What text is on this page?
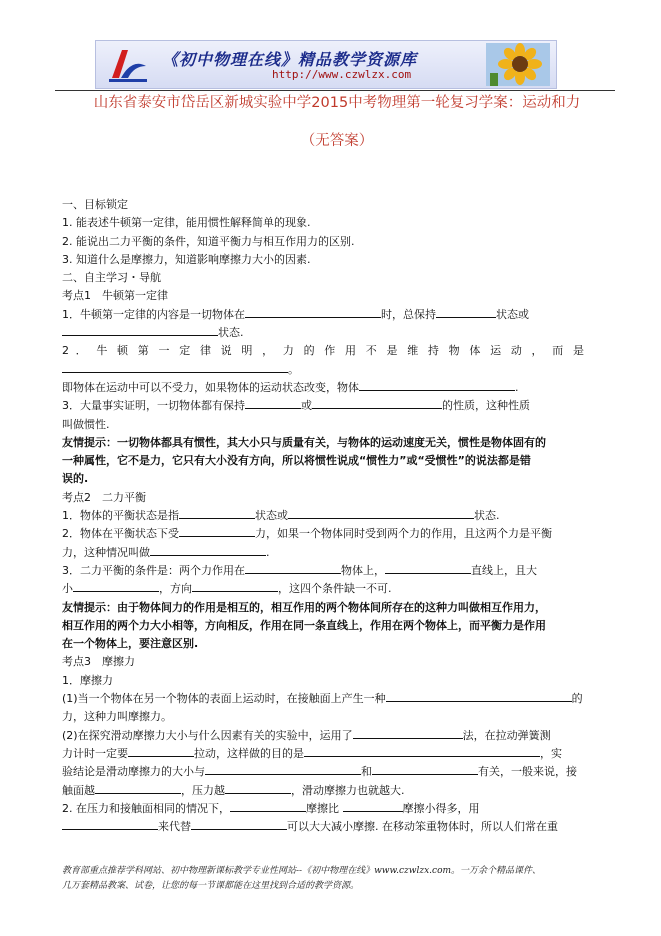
《初中物理在线》精品教学资源库
http://www.czwlzx.com
山东省泰安市岱岳区新城实验中学2015中考物理第一轮复习学案：运动和力
（无答案）
一、目标锁定
1. 能表述牛顿第一定律，能用惯性解释简单的现象.
2. 能说出二力平衡的条件，知道平衡力与相互作用力的区别.
3. 知道什么是摩擦力，知道影响摩擦力大小的因素.
二、自主学习・导航
考点1　牛顿第一定律
1．牛顿第一定律的内容是一切物体在	时，总保持	状态或
状态.
2 ． 牛 顿 第 一 定 律 说 明 ， 力 的 作 用 不 是 维 持 物 体 运 动 ， 而 是
。
即物体在运动中可以不受力，如果物体的运动状态改变，物体	.
3．大量事实证明，一切物体都有保持	或	的性质，这种性质
叫做惯性.
友情提示：一切物体都具有惯性，其大小只与质量有关，与物体的运动速度无关，惯性是物体固有的
一种属性，它不是力，它只有大小没有方向，所以将惯性说成“惯性力”或“受惯性”的说法都是错
误的.
考点2　二力平衡
1．物体的平衡状态是指	状态或	状态.
2．物体在平衡状态下受	力，如果一个物体同时受到两个力的作用，且这两个力是平衡
力，这种情况叫做	.
3．二力平衡的条件是：两个力作用在	物体上，	直线上，且大
小	，方向	，这四个条件缺一不可.
友情提示：由于物体间力的作用是相互的，相互作用的两个物体间所存在的这种力叫做相互作用力，
相互作用的两个力大小相等，方向相反，作用在同一条直线上，作用在两个物体上，而平衡力是作用
在一个物体上，要注意区别.
考点3　摩擦力
1．摩擦力
(1)当一个物体在另一个物体的表面上运动时，在接触面上产生一种	的
力，这种力叫摩擦力。
(2)在探究滑动摩擦力大小与什么因素有关的实验中，运用了	法，在拉动弹簧测
力计时一定要	拉动，这样做的目的是	，实
验结论是滑动摩擦力的大小与	和	有关，一般来说，接
触面越	，压力越	，滑动摩擦力也就越大.
2. 在压力和接触面相同的情况下，	摩擦比	摩擦小得多，用
来代替	可以大大减小摩擦. 在移动笨重物体时，所以人们常在重
教育部重点推荐学科网站、初中物理新课标教学专业性网站--《初中物理在线》www.czwlzx.com。一万余个精品课件、
几万套精品教案、试卷，让您的每一节课都能在这里找到合适的教学资源。
